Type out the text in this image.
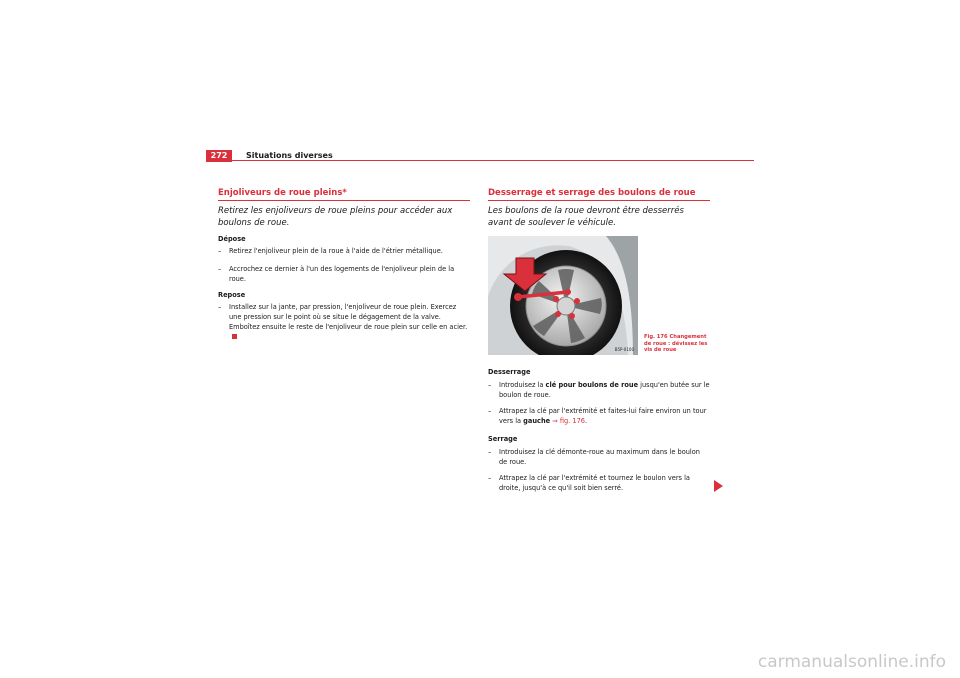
272	Situations diverses
Enjoliveurs de roue pleins*
Retirez les enjoliveurs de roue pleins pour accéder aux boulons de roue.
Dépose
–	Retirez l'enjoliveur plein de la roue à l'aide de l'étrier métallique.
–	Accrochez ce dernier à l'un des logements de l'enjoliveur plein de la roue.
Repose
–	Installez sur la jante, par pression, l'enjoliveur de roue plein. Exercez une pression sur le point où se situe le dégagement de la valve. Emboîtez ensuite le reste de l'enjoliveur de roue plein sur celle en acier.
Desserrage et serrage des boulons de roue
Les boulons de la roue devront être desserrés avant de soulever le véhicule.
B5P-0100
Fig. 176 Changement de roue : dévissez les vis de roue
Desserrage
–	Introduisez la clé pour boulons de roue jusqu'en butée sur le boulon de roue.
–	Attrapez la clé par l'extrémité et faites-lui faire environ un tour vers la gauche ⇒ fig. 176.
Serrage
–	Introduisez la clé démonte-roue au maximum dans le boulon de roue.
–	Attrapez la clé par l'extrémité et tournez le boulon vers la droite, jusqu'à ce qu'il soit bien serré.
carmanualsonline.info
